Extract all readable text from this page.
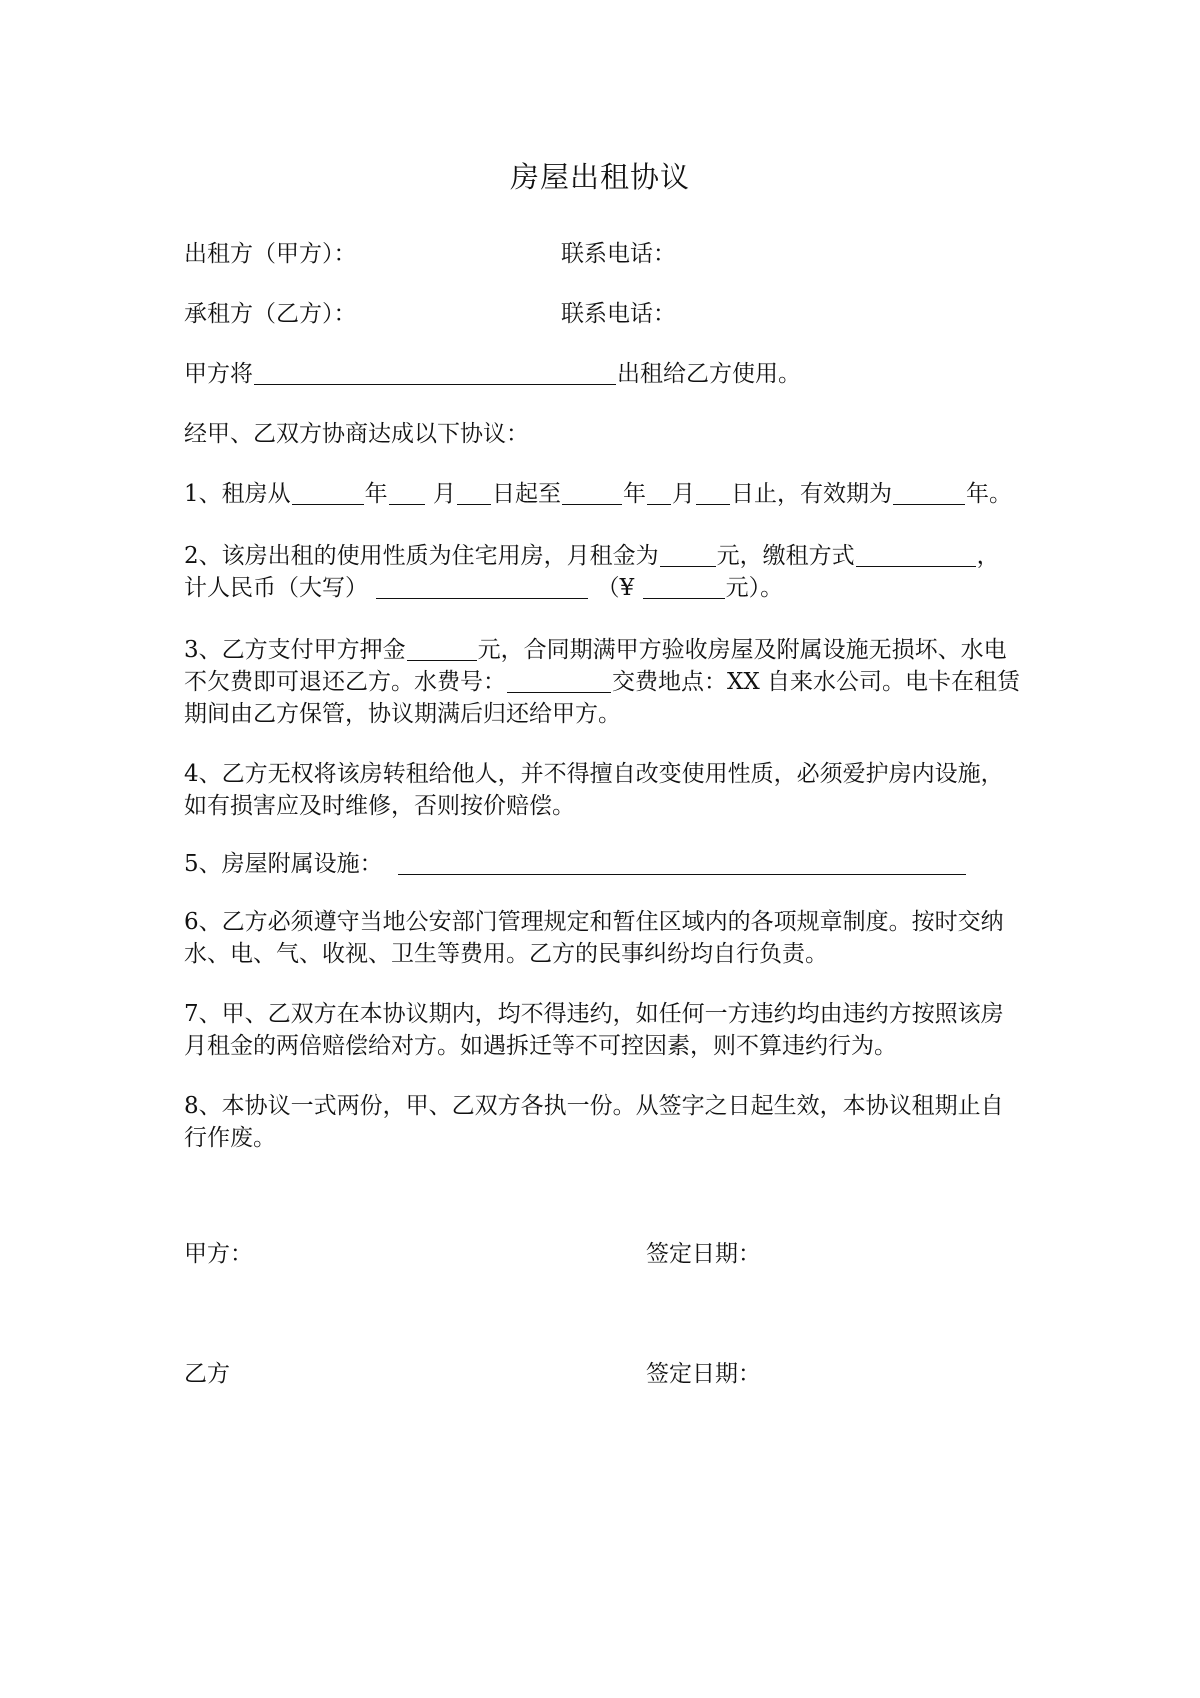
房屋出租协议
出租方（甲方）：	联系电话：
承租方（乙方）：	联系电话：
甲方将	出租给乙方使用。
经甲、乙双方协商达成以下协议：
1、租房从	年 月 日起至	年 月 日止，有效期为	年。
2、该房出租的使用性质为住宅用房，月租金为	元，缴租方式	，
计人民币（大写）	（¥	元）。
3、乙方支付甲方押金	元，合同期满甲方验收房屋及附属设施无损坏、水电不欠费即可退还乙方。水费号：	交费地点：XX 自来水公司。电卡在租赁期间由乙方保管，协议期满后归还给甲方。
4、乙方无权将该房转租给他人，并不得擅自改变使用性质，必须爱护房内设施，如有损害应及时维修，否则按价赔偿。
5、房屋附属设施：
6、乙方必须遵守当地公安部门管理规定和暂住区域内的各项规章制度。按时交纳水、电、气、收视、卫生等费用。乙方的民事纠纷均自行负责。
7、甲、乙双方在本协议期内，均不得违约，如任何一方违约均由违约方按照该房月租金的两倍赔偿给对方。如遇拆迁等不可控因素，则不算违约行为。
8、本协议一式两份，甲、乙双方各执一份。从签字之日起生效，本协议租期止自行作废。
甲方：	签定日期：
乙方	签定日期：
